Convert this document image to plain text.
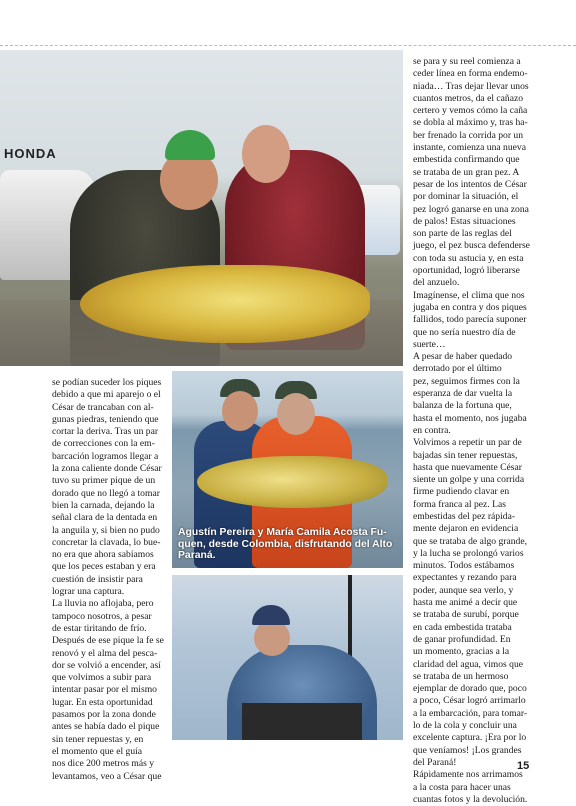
HONDA
se para y su reel comienza a
ceder línea en forma endemo-
niada… Tras dejar llevar unos
cuantos metros, da el cañazo
certero y vemos cómo la caña
se dobla al máximo y, tras ha-
ber frenado la corrida por un
instante, comienza una nueva
embestida confirmando que
se trataba de un gran pez. A
pesar de los intentos de César
por dominar la situación, el
pez logró ganarse en una zona
de palos! Estas situaciones
son parte de las reglas del
juego, el pez busca defenderse
con toda su astucia y, en esta
oportunidad, logró liberarse
del anzuelo.
Imagínense, el clima que nos
jugaba en contra y dos piques
fallidos, todo parecía suponer
que no sería nuestro día de
suerte…
A pesar de haber quedado
derrotado por el último
pez, seguimos firmes con la
esperanza de dar vuelta la
balanza de la fortuna que,
hasta el momento, nos jugaba
en contra.
Volvimos a repetir un par de
bajadas sin tener repuestas,
hasta que nuevamente César
siente un golpe y una corrida
firme pudiendo clavar en
forma franca al pez. Las
embestidas del pez rápida-
mente dejaron en evidencia
que se trataba de algo grande,
y la lucha se prolongó varios
minutos. Todos estábamos
expectantes y rezando para
poder, aunque sea verlo, y
hasta me animé a decir que
se trataba de surubí, porque
en cada embestida trataba
de ganar profundidad. En
un momento, gracias a la
claridad del agua, vimos que
se trataba de un hermoso
ejemplar de dorado que, poco
a poco, César logró arrimarlo
a la embarcación, para tomar-
lo de la cola y concluir una
excelente captura. ¡Era por lo
que veníamos! ¡Los grandes
del Paraná!
Rápidamente nos arrimamos
a la costa para hacer unas
cuantas fotos y la devolución.
Agustín Pereira y María Camila Acosta Fu-
quen, desde Colombia, disfrutando del Alto
Paraná.
se podían suceder los piques
debido a que mi aparejo o el
César de trancaban con al-
gunas piedras, teniendo que
cortar la deriva. Tras un par
de correcciones con la em-
barcación logramos llegar a
la zona caliente donde César
tuvo su primer pique de un
dorado que no llegó a tomar
bien la carnada, dejando la
señal clara de la dentada en
la anguila y, si bien no pudo
concretar la clavada, lo bue-
no era que ahora sabíamos
que los peces estaban y era
cuestión de insistir para
lograr una captura.
La lluvia no aflojaba, pero
tampoco nosotros, a pesar
de estar tiritando de frío.
Después de ese pique la fe se
renovó y el alma del pesca-
dor se volvió a encender, así
que volvimos a subir para
intentar pasar por el mismo
lugar. En esta oportunidad
pasamos por la zona donde
antes se había dado el pique
sin tener repuestas y, en
el momento que el guía
nos dice 200 metros más y
levantamos, veo a César que
15
